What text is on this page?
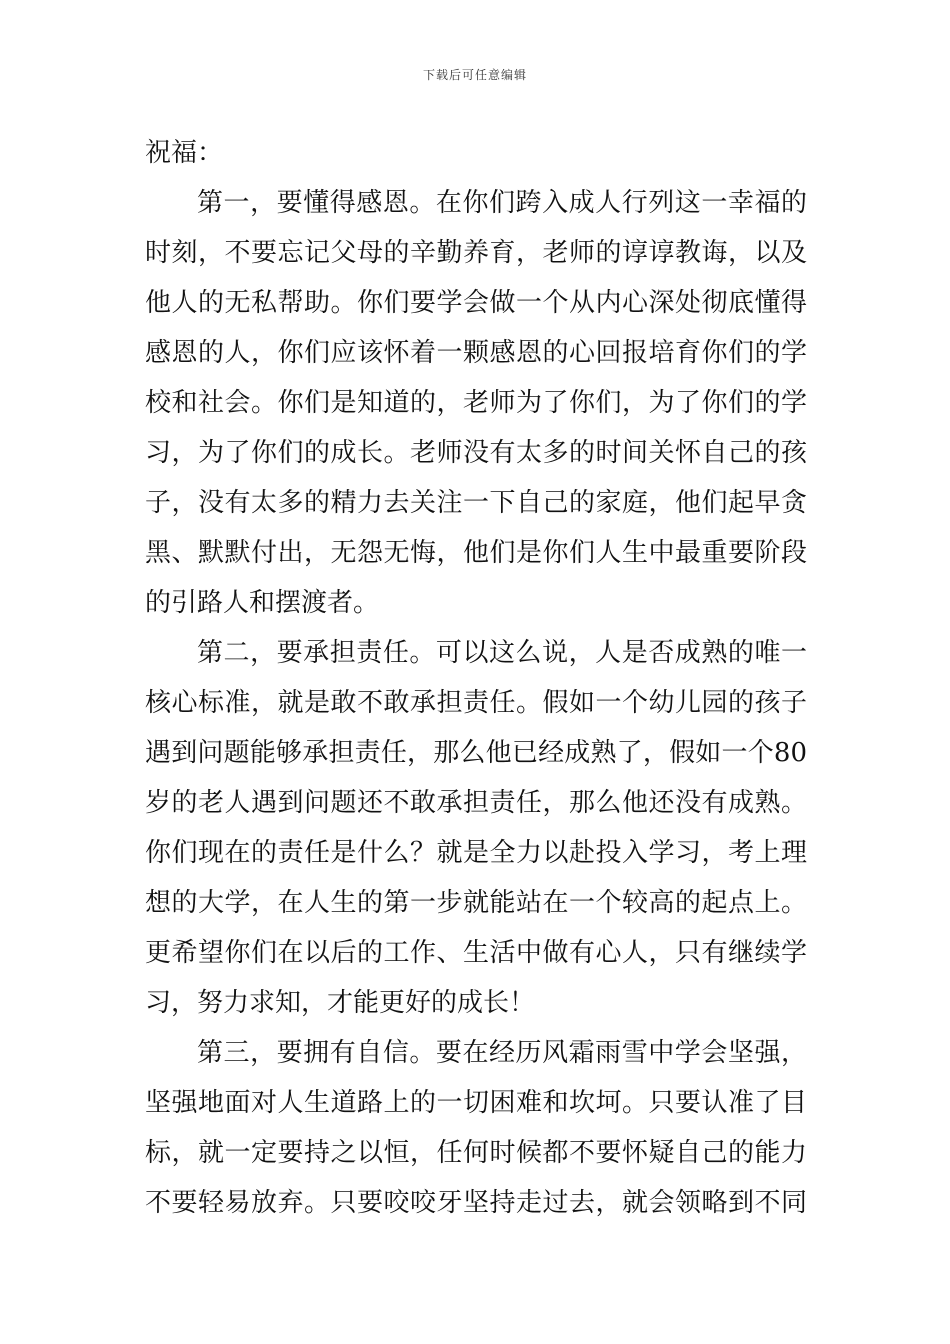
下载后可任意编辑
祝福：
第一，要懂得感恩。在你们跨入成人行列这一幸福的
时刻，不要忘记父母的辛勤养育，老师的谆谆教诲，以及
他人的无私帮助。你们要学会做一个从内心深处彻底懂得
感恩的人，你们应该怀着一颗感恩的心回报培育你们的学
校和社会。你们是知道的，老师为了你们，为了你们的学
习，为了你们的成长。老师没有太多的时间关怀自己的孩
子，没有太多的精力去关注一下自己的家庭，他们起早贪
黑、默默付出，无怨无悔，他们是你们人生中最重要阶段
的引路人和摆渡者。
第二，要承担责任。可以这么说，人是否成熟的唯一
核心标准，就是敢不敢承担责任。假如一个幼儿园的孩子
遇到问题能够承担责任，那么他已经成熟了，假如一个80
岁的老人遇到问题还不敢承担责任，那么他还没有成熟。
你们现在的责任是什么？就是全力以赴投入学习，考上理
想的大学，在人生的第一步就能站在一个较高的起点上。
更希望你们在以后的工作、生活中做有心人，只有继续学
习，努力求知，才能更好的成长！
第三，要拥有自信。要在经历风霜雨雪中学会坚强，
坚强地面对人生道路上的一切困难和坎坷。只要认准了目
标，就一定要持之以恒，任何时候都不要怀疑自己的能力
不要轻易放弃。只要咬咬牙坚持走过去，就会领略到不同
